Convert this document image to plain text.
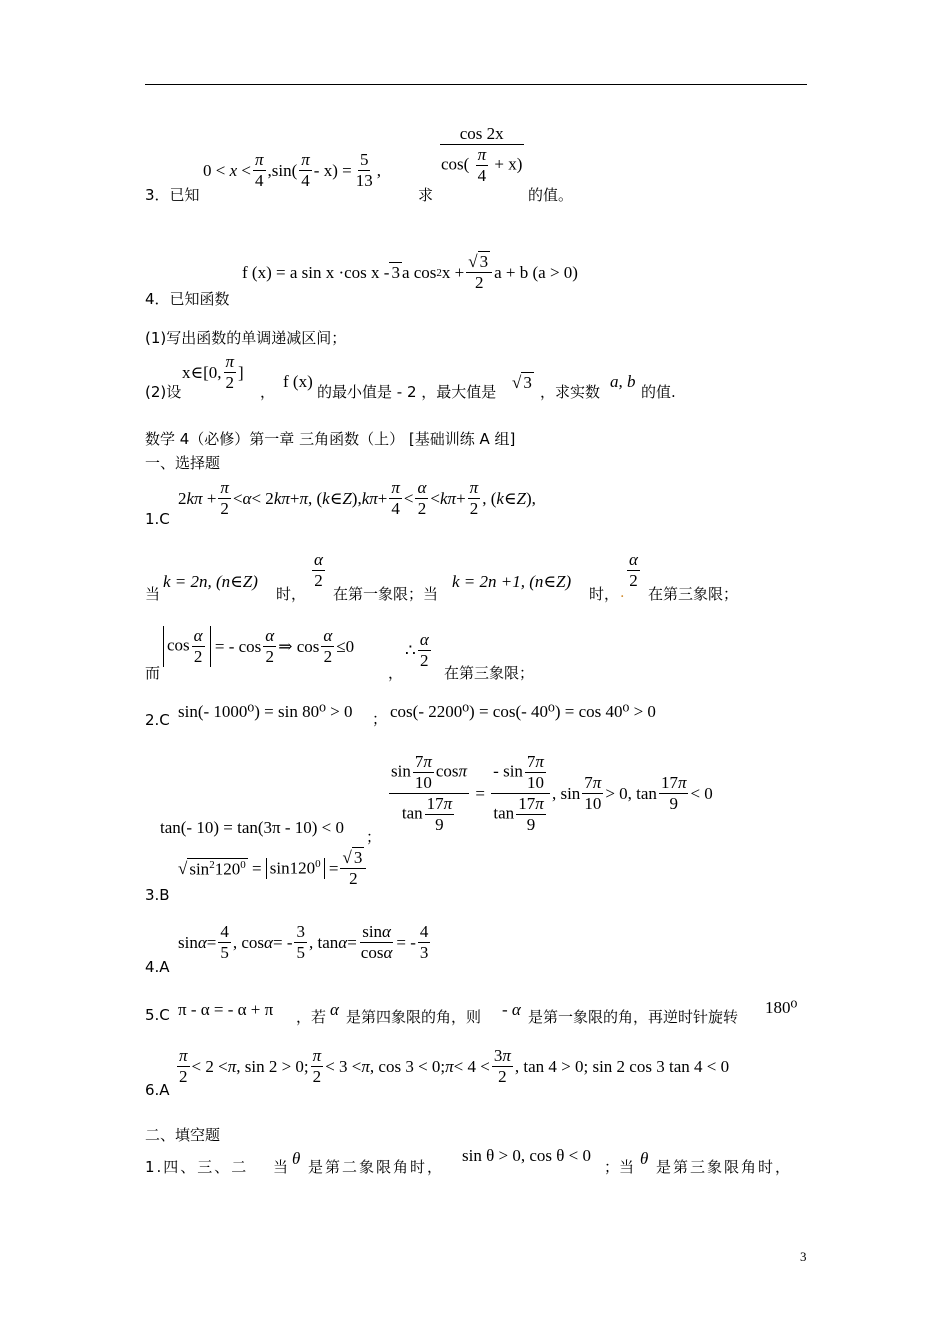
0 <
x
< $\frac{\pi}{4} ,\sin( \frac{\pi}{4} - x) = \frac{5}{13}$ ,
3．已知	求
$\frac{\cos 2x}{\cos( \frac{\pi}{4} + x)}$
的值。
f (x) = a sin x ·cos x - 3 a cos 2 $x + \frac{√ 3}{2}$ a + b (a > 0)
4．已知函数
(1)写出函数的单调递减区间；
(2)设
x∈[0, $\frac{\pi}{2}$ ]
，
f (x)
的最小值是 - 2 ，最大值是
√ 3 ，求实数
a, b
的值.
数学 4（必修）第一章 三角函数（上） [基础训练 A 组]
一、选择题
2 $k\pi + \frac{\pi}{2} < \alpha < 2$ kπ + π , ( k ∈ Z ), $k\pi + \frac{\pi}{4} < \frac{\alpha}{2} < k\pi + \frac{\pi}{2}$ , ( k ∈ Z ),
1.C
当
k = 2n, (n∈Z)
时，
$\frac{\alpha}{2}$
在第一象限；当
k = 2n +1, (n∈Z)
时， .
$\frac{\alpha}{2}$
在第三象限；
而
$\cos \frac{\alpha}{2}$
= - $\cos \frac{\alpha}{2}$ ⇒ $\cos \frac{\alpha}{2} \le 0$
，
∴ $\frac{\alpha}{2}$
在第三象限；
sin(- 1000⁰) = sin 80⁰ > 0 ； cos(- 2200⁰) = cos(- 40⁰) = cos 40⁰ > 0
2.C
$\frac{\sin \frac{7\pi}{10} \cos\pi}{\tan \frac{17\pi}{9}} = \frac{- \sin \frac{7\pi}{10}}{\tan \frac{17\pi}{9}}$ , $\sin \frac{7\pi}{10} > 0$, $\tan \frac{17\pi}{9} < 0$
tan(- 10) = tan(3π - 10) < 0 ；
√ $\sin^2120^0 = \sin 120^0 = \frac{√ 3}{2}$
3.B
$\sin \alpha = \frac{4}{5}$ , cos α = - $\frac{3}{5}$ , $\tan \alpha = \frac{\sin\alpha}{\cos\alpha}$ = - $\frac{4}{3}$
4.A
5.C π - α = - α + π ，若 α 是第四象限的角，则 - α 是第一象限的角，再逆时针旋转 180⁰
$\frac{\pi}{2} < 2 < \pi$ , sin 2 > 0; $\frac{\pi}{2} < 3 < \pi$ , cos 3 < 0; $\pi < 4 < \frac{3\pi}{2}$ , tan 4 > 0; sin 2 cos 3 tan 4 < 0
6.A
二、填空题
1.四、三、二 当 θ 是第二象限角时，
sin θ > 0, cos θ < 0
；当 θ 是第三象限角时，
3
